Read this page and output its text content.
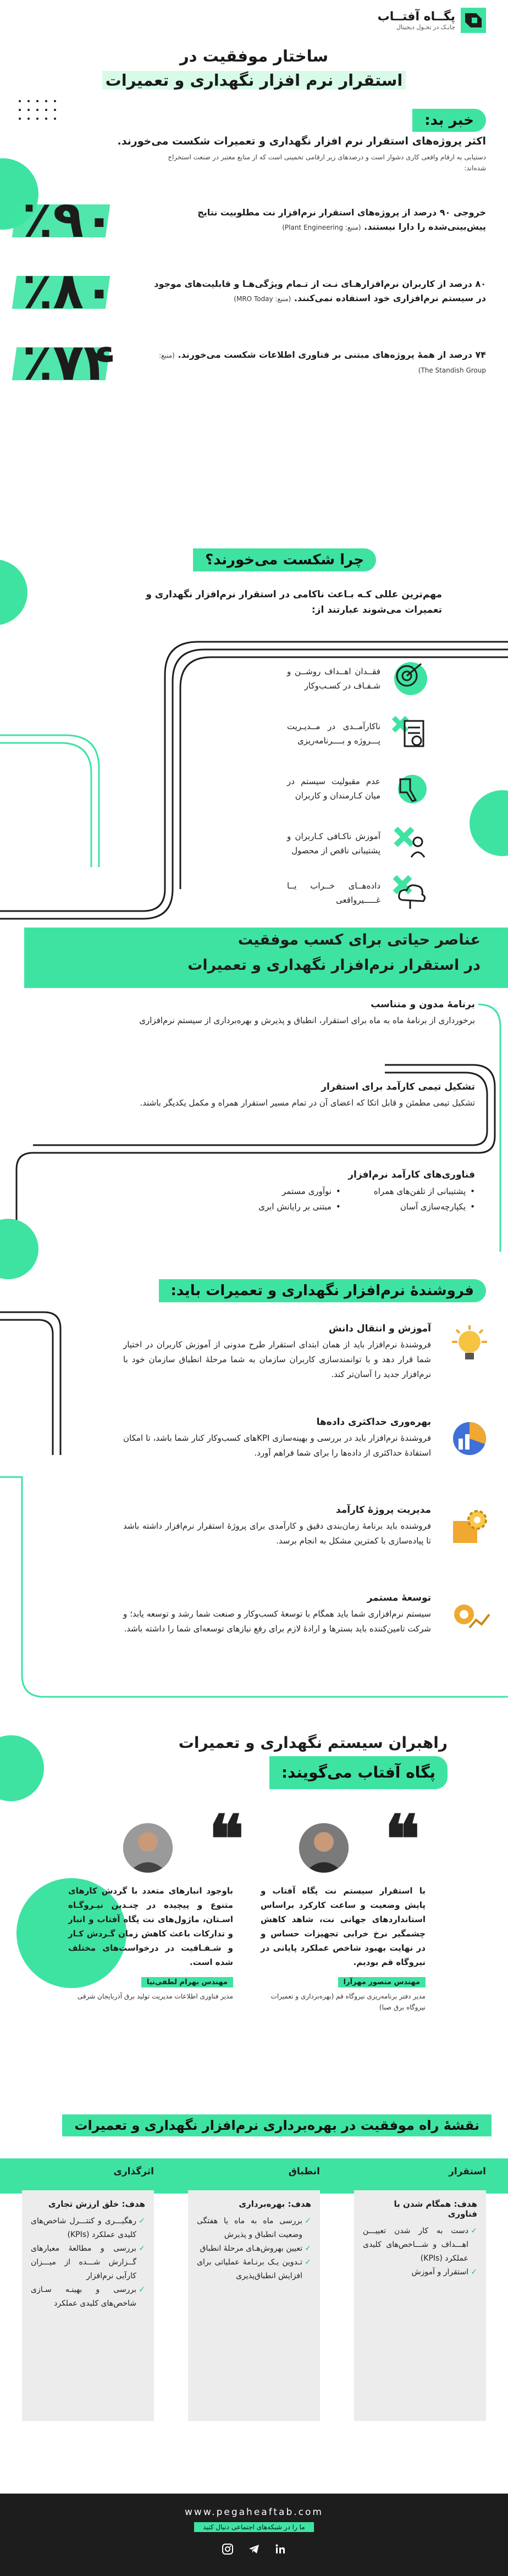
پگــاه آفتــاب
چابـک در تحـول دیجیتال
ساختار موفقیت در
استقرار نرم افزار نگهداری و تعمیرات
خبر بد:
اکثر پروژه‌های استقرار نرم افزار نگهداری و تعمیرات شکست می‌خورند.
دستیابی به ارقام واقعی کاری دشوار است و درصدهای زیر ارقامی تخمینی است که از منابع معتبر در صنعت استخراج شده‌اند:
خروجی ۹۰ درصد از پروژه‌های استقرار نرم‌افزار نت مطلوبیت نتایج پیش‌بینی‌شده را دارا نیستند. (منبع: Plant Engineering)
٪۹۰
۸۰ درصد از کاربران نرم‌افزارهـای نـت از تـمام ویژگی‌هـا و قابلیت‌های موجود در سیستم نرم‌افزاری خود استفاده نمی‌کنند. (منبع: MRO Today)
٪۸۰
۷۴ درصد از همهٔ پروژه‌های مبتنی بر فناوری اطلاعات شکست می‌خورند. (منبع: The Standish Group)
٪۷۴
چرا شکست می‌خورند؟
مهم‌ترین عللی کـه بـاعث ناکامی در استقرار نرم‌افزار نگهداری و تعمیرات می‌شوند عبارتند از:
فقــدان اهــداف روشــن و شـفـاف در کسـب‌وکار
ناکارآمــدی در مــدیـریت پـــروژه و بــــرنامه‌ریزی
عدم مقبولیت سیستم در میان کـارمندان و کاربران
آموزش ناکـافی کـاربران و پشتیبانی ناقص از محصول
داده‌هــای خــراب یــا غـــــیرواقعی
عناصر حیاتی برای کسب موفقیت
در استقرار نرم‌افزار نگهداری و تعمیرات
برنامهٔ مدون و متناسب
برخورداری از برنامهٔ ماه به ماه برای استقرار، انطباق و پذیرش و بهره‌برداری از سیستم نرم‌افزاری
تشکیل تیمی کارآمد برای استقرار
تشکیل تیمی مطمئن و قابل اتکا که اعضای آن در تمام مسیر استقرار همراه و مکمل یکدیگر باشند.
فناوری‌های کارآمد نرم‌افزار
• پشتیبانی از تلفن‌های همراه
• یکپارچه‌سازی آسان
• نوآوری مستمر
• مبتنی بر رایانش ابری
فروشندهٔ نرم‌افزار نگهداری و تعمیرات باید:
آموزش و انتقال دانش
فروشندهٔ نرم‌افزار باید از همان ابتدای استقرار طرح مدونی از آموزش کاربران در اختیار شما قرار دهد و با توانمندسازی کاربران سازمان به شما مرحلهٔ انطباق سازمان خود با نرم‌افزار جدید را آسان‌تر کند.
بهره‌وری حداکثری داده‌ها
فروشندهٔ نرم‌افزار باید در بررسی و بهینه‌سازی KPIهای کسب‌وکار کنار شما باشد، تا امکان استفادهٔ حداکثری از داده‌ها را برای شما فراهم آورد.
مدیریت پروژهٔ کارآمد
فروشنده باید برنامهٔ زمان‌بندی دقیق و کارآمدی برای پروژهٔ استقرار نرم‌افزار داشته باشد تا پیاده‌سازی با کمترین مشکل به انجام برسد.
توسعهٔ مستمر
سیستم نرم‌افزاری شما باید همگام با توسعهٔ کسب‌وکار و صنعت شما رشد و توسعه یابد؛ و شرکت تامین‌کننده باید بسترها و ارادهٔ لازم برای رفع نیازهای توسعه‌ای شما را داشته باشد.
راهبران سیستم نگهداری و تعمیرات
پگاه آفتاب می‌گویند:
❝
❝
با استقرار سیستم نت پگاه آفتاب و پایش وضعیت و ساعت کارکرد براساس استانداردهای جهانی نت، شاهد کاهش چشمگیر نرخ خرابی تجهیزات حساس و در نهایت بهبود شاخص عملکرد پایانی در نیروگاه قم بودیم.
مهندس منصور مهرآرا
مدیر دفتر برنامه‌ریزی نیروگاه قم (بهره‌برداری و تعمیرات نیروگاه برق صبا)
باوجود انبارهای متعدد با گردش کارهای متنوع و پیچیده در چنـدین نیـروگـاه اسـتان، ماژول‌های نت پگاه آفتاب و انبار و تدارکات باعث کاهش زمان گـردش کـار و شـفـافیت در درخواست‌های مختلف شده است.
مهندس بهرام لطفی‌نیا
مدیر فناوری اطلاعات مدیریت تولید برق آذربایجان شرقی
نقشهٔ راه موفقیت در بهره‌برداری نرم‌افزار نگهداری و تعمیرات
استقرار
هدف: همگام شدن با فناوری
✓ دست به کار شدن تعییـــن اهـــداف و شـــاخص‌های کلیدی عملکرد (KPIs)
✓ استقرار و آموزش
انطباق
هدف: بهره‌برداری
✓ بررسی ماه به ماه یا هفتگی وضعیت انطباق و پذیرش
✓ تعیین بهروش‌هـای مرحلهٔ انطباق
✓ تـدوین یـک برنـامهٔ عملیاتی برای افزایش انطباق‌پذیری
اثرگذاری
هدف: خلق ارزش تجاری
✓ رهگیـــری و کنتـــرل شاخص‌های کلیدی عملکرد (KPIs)
✓ بررسی و مطالعهٔ معیارهای گــزارش شـــده از میـــزان کارآیی نرم‌افزار
✓ بررسی و بهینـه سـازی شاخص‌های کلیدی عملکرد
www.pegaheaftab.com
ما را در شبکه‌های اجتماعی دنبال کنید
